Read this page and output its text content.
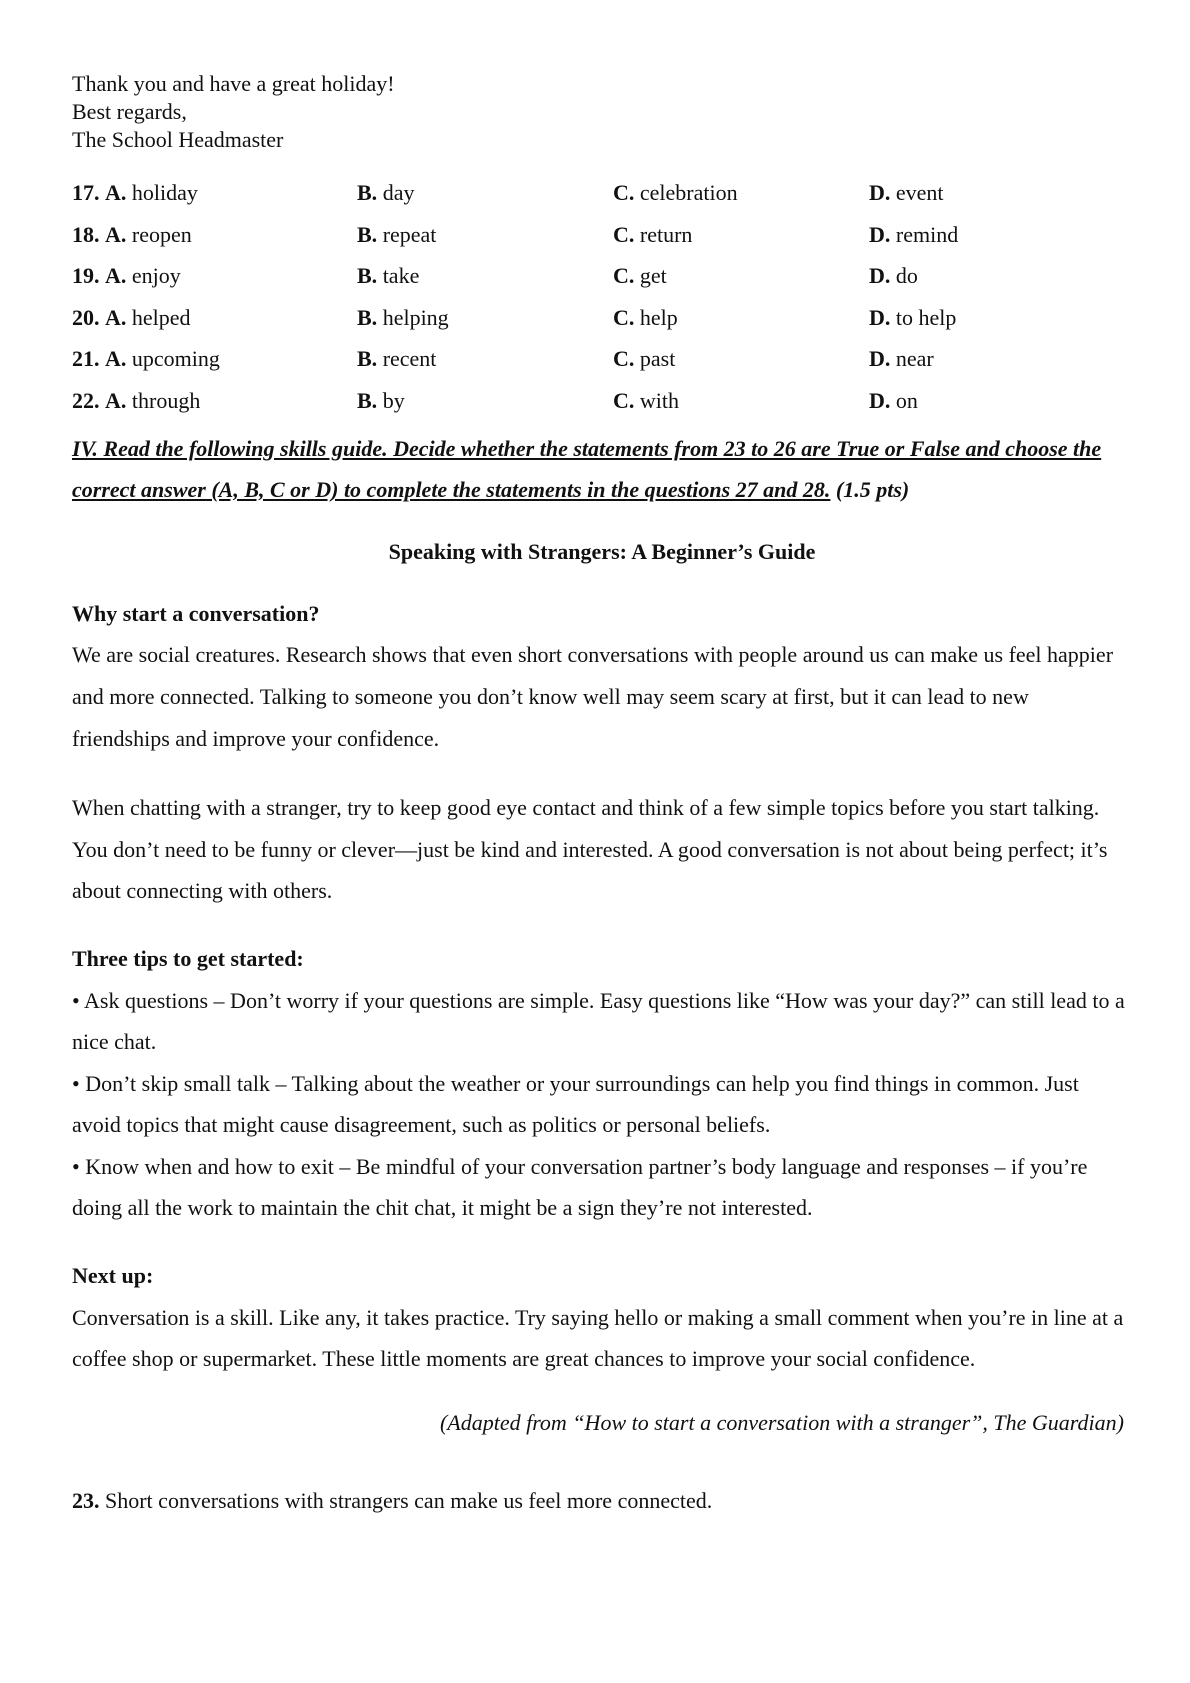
Thank you and have a great holiday!

Best regards,

The School Headmaster

17. A. holiday	B. day	C. celebration	D. event
18. A. reopen	B. repeat	C. return	D. remind
19. A. enjoy	B. take	C. get	D. do
20. A. helped	B. helping	C. help	D. to help
21. A. upcoming	B. recent	C. past	D. near
22. A. through	B. by	C. with	D. on

IV. Read the following skills guide. Decide whether the statements from 23 to 26 are True or False and choose the correct answer (A, B, C or D) to complete the statements in the questions 27 and 28. (1.5 pts)

Speaking with Strangers: A Beginner’s Guide

Why start a conversation?

We are social creatures. Research shows that even short conversations with people around us can make us feel happier and more connected. Talking to someone you don’t know well may seem scary at first, but it can lead to new friendships and improve your confidence.

When chatting with a stranger, try to keep good eye contact and think of a few simple topics before you start talking. You don’t need to be funny or clever—just be kind and interested. A good conversation is not about being perfect; it’s about connecting with others.

Three tips to get started:

• Ask questions – Don’t worry if your questions are simple. Easy questions like “How was your day?” can still lead to a nice chat.

• Don’t skip small talk – Talking about the weather or your surroundings can help you find things in common. Just avoid topics that might cause disagreement, such as politics or personal beliefs.

• Know when and how to exit – Be mindful of your conversation partner’s body language and responses – if you’re doing all the work to maintain the chit chat, it might be a sign they’re not interested.

Next up:

Conversation is a skill. Like any, it takes practice. Try saying hello or making a small comment when you’re in line at a coffee shop or supermarket. These little moments are great chances to improve your social confidence.

(Adapted from “How to start a conversation with a stranger”, The Guardian)

23. Short conversations with strangers can make us feel more connected.
